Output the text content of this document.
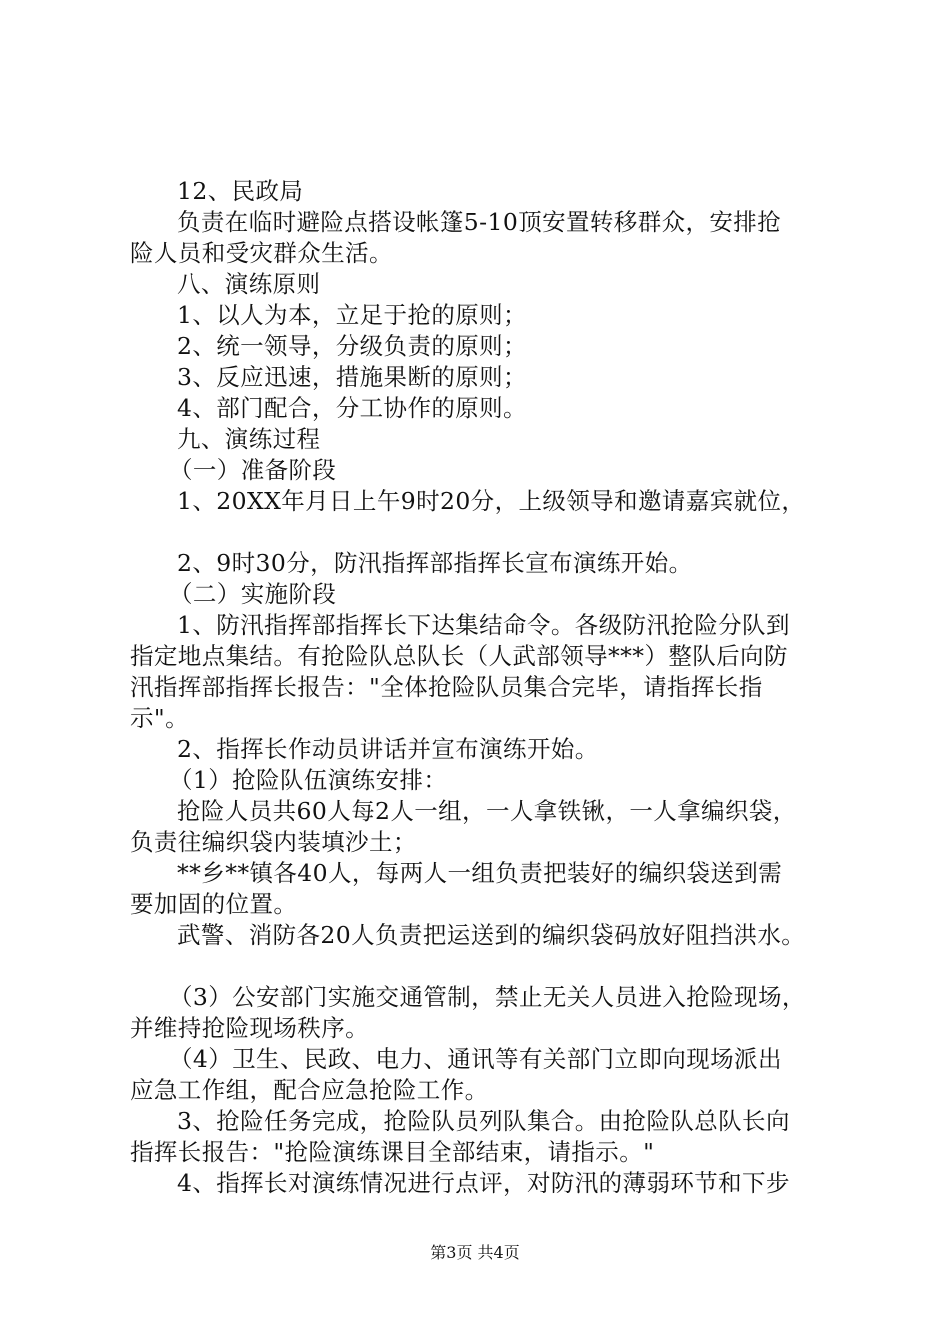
12、民政局
负责在临时避险点搭设帐篷5-10顶安置转移群众，安排抢
险人员和受灾群众生活。
八、演练原则
1、以人为本，立足于抢的原则；
2、统一领导，分级负责的原则；
3、反应迅速，措施果断的原则；
4、部门配合，分工协作的原则。
九、演练过程
（一）准备阶段
1、20XX年月日上午9时20分，上级领导和邀请嘉宾就位，
2、9时30分，防汛指挥部指挥长宣布演练开始。
（二）实施阶段
1、防汛指挥部指挥长下达集结命令。各级防汛抢险分队到
指定地点集结。有抢险队总队长（人武部领导***）整队后向防
汛指挥部指挥长报告："全体抢险队员集合完毕，请指挥长指
示"。
2、指挥长作动员讲话并宣布演练开始。
（1）抢险队伍演练安排：
抢险人员共60人每2人一组，一人拿铁锹，一人拿编织袋，
负责往编织袋内装填沙土；
**乡**镇各40人，每两人一组负责把装好的编织袋送到需
要加固的位置。
武警、消防各20人负责把运送到的编织袋码放好阻挡洪水。
（3）公安部门实施交通管制，禁止无关人员进入抢险现场，
并维持抢险现场秩序。
（4）卫生、民政、电力、通讯等有关部门立即向现场派出
应急工作组，配合应急抢险工作。
3、抢险任务完成，抢险队员列队集合。由抢险队总队长向
指挥长报告："抢险演练课目全部结束，请指示。"
4、指挥长对演练情况进行点评，对防汛的薄弱环节和下步
第3页 共4页
